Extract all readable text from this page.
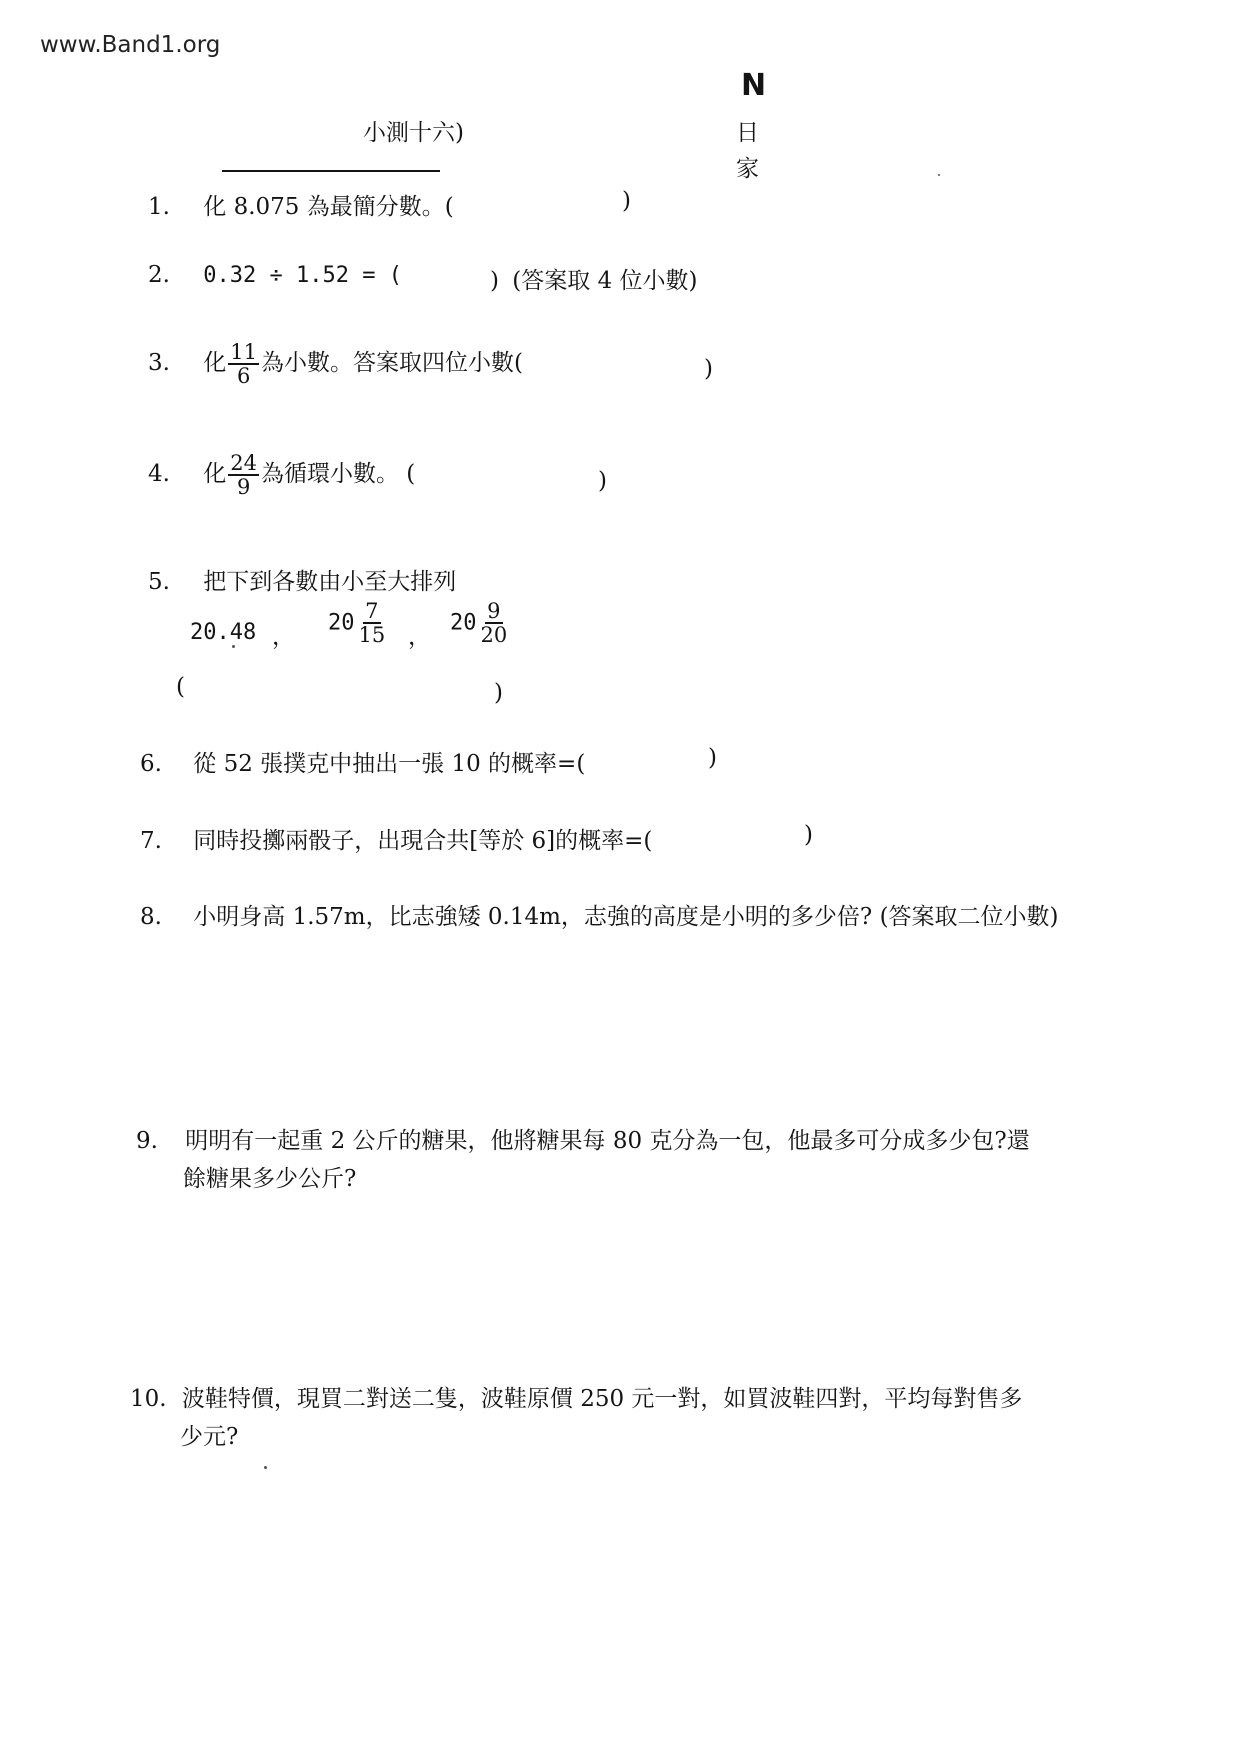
www.Band1.org
小測十六)
N
日
家
1. 化 8.075 為最簡分數。(	)
2. 0.32 ÷ 1.52 = (	) (答案取 4 位小數)
3. 化 $\frac{11}{6}$ 為小數。答案取四位小數(	)
4. 化 $\frac{24}{9}$ 為循環小數。 (	)
5. 把下到各數由小至大排列
20.48 ，
$20 \frac{7}{15}$ ，
$20 \frac{9}{20}$
(	)
6. 從 52 張撲克中抽出一張 10 的概率=(	)
7. 同時投擲兩骰子，出現合共[等於 6]的概率=(	)
8. 小明身高 1.57m，比志強矮 0.14m，志強的高度是小明的多少倍? (答案取二位小數)
9. 明明有一起重 2 公斤的糖果，他將糖果每 80 克分為一包，他最多可分成多少包?還
餘糖果多少公斤?
10. 波鞋特價，現買二對送二隻，波鞋原價 250 元一對，如買波鞋四對，平均每對售多
少元?
